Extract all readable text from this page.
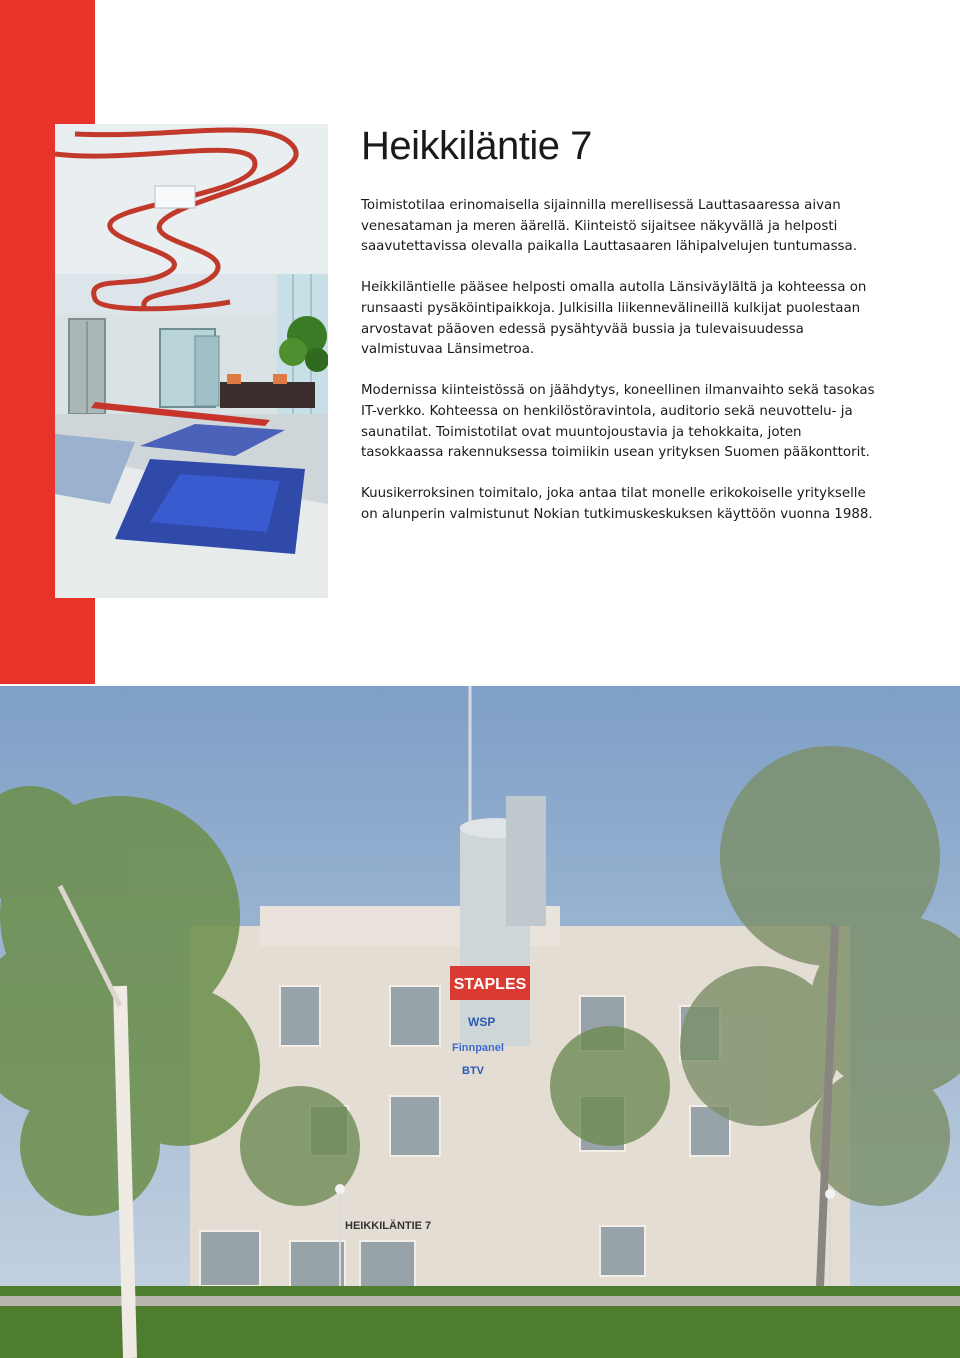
Heikkiläntie 7

Toimistotilaa erinomaisella sijainnilla merellisessä Lauttasaaressa aivan venesataman ja meren äärellä. Kiinteistö sijaitsee näkyvällä ja helposti saavutettavissa olevalla paikalla Lauttasaaren lähipalvelujen tuntumassa.

Heikkiläntielle pääsee helposti omalla autolla Länsiväylältä ja kohteessa on runsaasti pysäköintipaikkoja. Julkisilla liikennevälineillä kulkijat puolestaan arvostavat pääoven edessä pysähtyvää bussia ja tulevaisuudessa valmistuvaa Länsimetroa.

Modernissa kiinteistössä on jäähdytys, koneellinen ilmanvaihto sekä tasokas IT-verkko. Kohteessa on henkilöstöravintola, auditorio sekä neuvottelu- ja saunatilat. Toimistotilat ovat muuntojoustavia ja tehokkaita, joten tasokkaassa rakennuksessa toimiikin usean yrityksen Suomen pääkonttorit.

Kuusikerroksinen toimitalo, joka antaa tilat monelle erikokoiselle yritykselle on alunperin valmistunut Nokian tutkimuskeskuksen käyttöön vuonna 1988.

STAPLES
WSP
Finnpanel
BTV
HEIKKILÄNTIE 7
